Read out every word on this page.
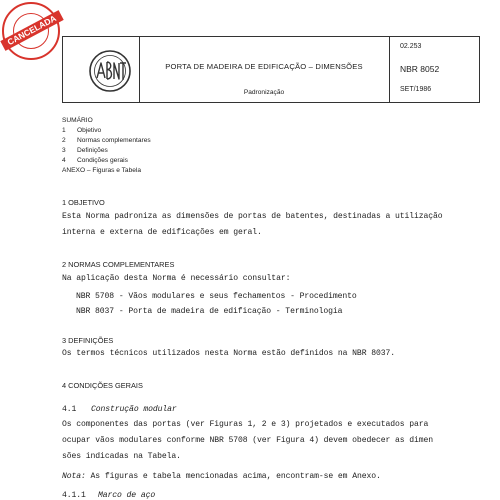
CANCELADA
PORTA DE MADEIRA DE EDIFICAÇÃO – DIMENSÕES
Padronização
02.253
NBR 8052
SET/1986
SUMÁRIO
1 Objetivo
2 Normas complementares
3 Definições
4 Condições gerais
ANEXO – Figuras e Tabela
1 OBJETIVO
Esta Norma padroniza as dimensões de portas de batentes, destinadas a utilização
interna e externa de edificações em geral.
2 NORMAS COMPLEMENTARES
Na aplicação desta Norma é necessário consultar:
NBR 5708 - Vãos modulares e seus fechamentos - Procedimento
NBR 8037 - Porta de madeira de edificação - Terminologia
3 DEFINIÇÕES
Os termos técnicos utilizados nesta Norma estão definidos na NBR 8037.
4 CONDIÇÕES GERAIS
4.1 Construção modular
Os componentes das portas (ver Figuras 1, 2 e 3) projetados e executados para
ocupar vãos modulares conforme NBR 5708 (ver Figura 4) devem obedecer as dimen
sões indicadas na Tabela.
Nota: As figuras e tabela mencionadas acima, encontram-se em Anexo.
4.1.1 Marco de aço
